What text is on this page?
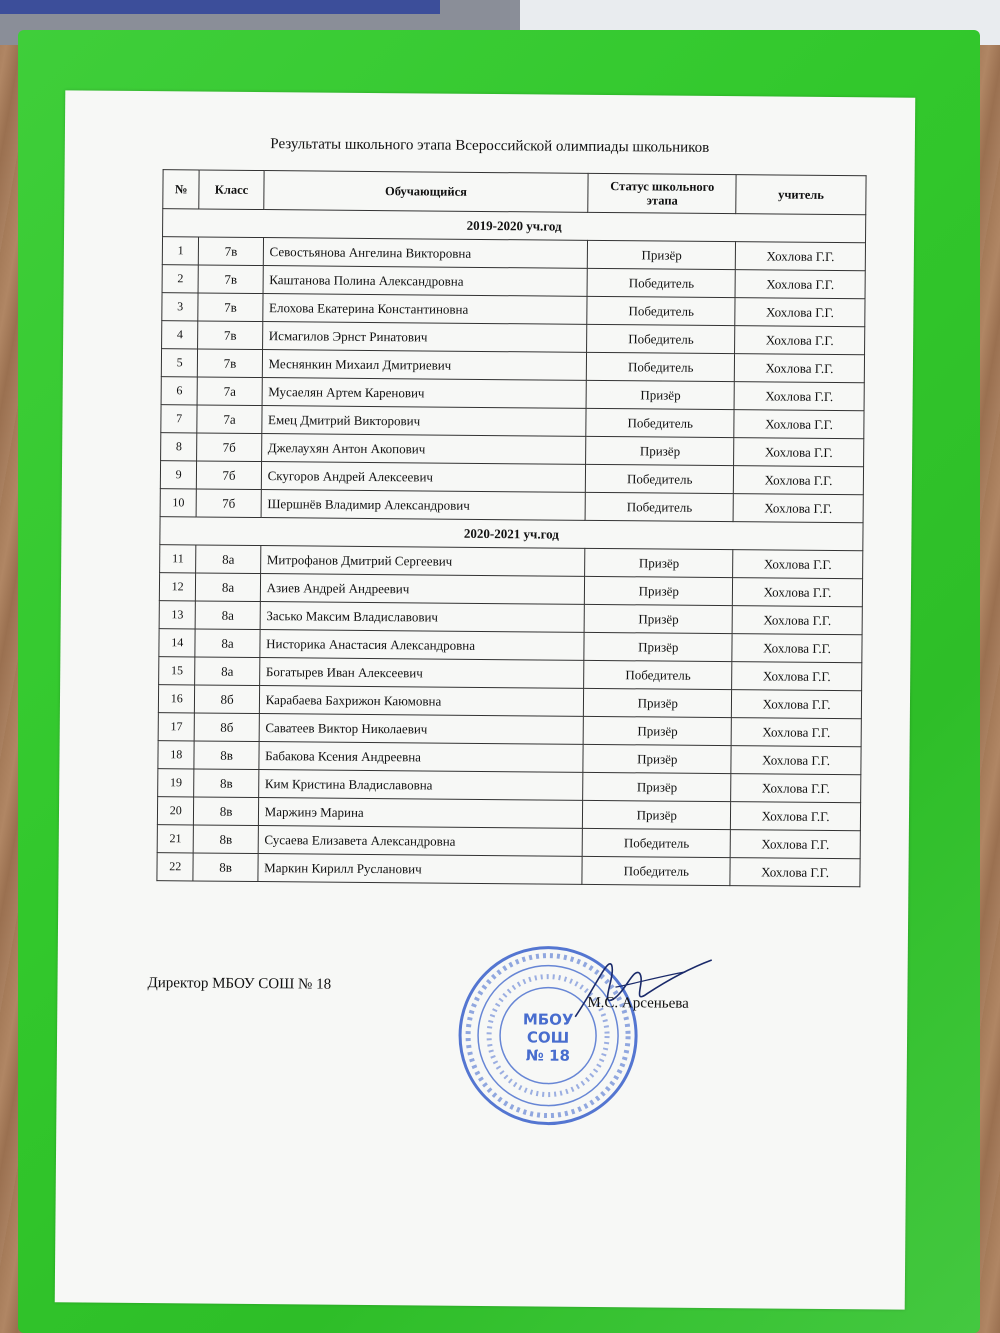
Результаты школьного этапа Всероссийской олимпиады школьников
№	Класс	Обучающийся	Статус школьного этапа	учитель
2019-2020 уч.год				
1	7в	Севостьянова Ангелина Викторовна	Призёр	Хохлова Г.Г.
2	7в	Каштанова Полина Александровна	Победитель	Хохлова Г.Г.
3	7в	Елохова Екатерина Константиновна	Победитель	Хохлова Г.Г.
4	7в	Исмагилов Эрнст Ринатович	Победитель	Хохлова Г.Г.
5	7в	Меснянкин Михаил Дмитриевич	Победитель	Хохлова Г.Г.
6	7а	Мусаелян Артем Каренович	Призёр	Хохлова Г.Г.
7	7а	Емец Дмитрий Викторович	Победитель	Хохлова Г.Г.
8	7б	Джелаухян Антон Акопович	Призёр	Хохлова Г.Г.
9	7б	Скугоров Андрей Алексеевич	Победитель	Хохлова Г.Г.
10	7б	Шершнёв Владимир Александрович	Победитель	Хохлова Г.Г.
2020-2021 уч.год				
11	8а	Митрофанов Дмитрий Сергеевич	Призёр	Хохлова Г.Г.
12	8а	Азиев Андрей Андреевич	Призёр	Хохлова Г.Г.
13	8а	Засько Максим Владиславович	Призёр	Хохлова Г.Г.
14	8а	Нисторика Анастасия Александровна	Призёр	Хохлова Г.Г.
15	8а	Богатырев Иван Алексеевич	Победитель	Хохлова Г.Г.
16	8б	Карабаева Бахрижон Каюмовна	Призёр	Хохлова Г.Г.
17	8б	Саватеев Виктор Николаевич	Призёр	Хохлова Г.Г.
18	8в	Бабакова Ксения Андреевна	Призёр	Хохлова Г.Г.
19	8в	Ким Кристина Владиславовна	Призёр	Хохлова Г.Г.
20	8в	Маржинэ Марина	Призёр	Хохлова Г.Г.
21	8в	Сусаева Елизавета Александровна	Победитель	Хохлова Г.Г.
22	8в	Маркин Кирилл Русланович	Победитель	Хохлова Г.Г.
Директор МБОУ СОШ № 18
МБОУ
СОШ
№ 18
М.С. Арсеньева
